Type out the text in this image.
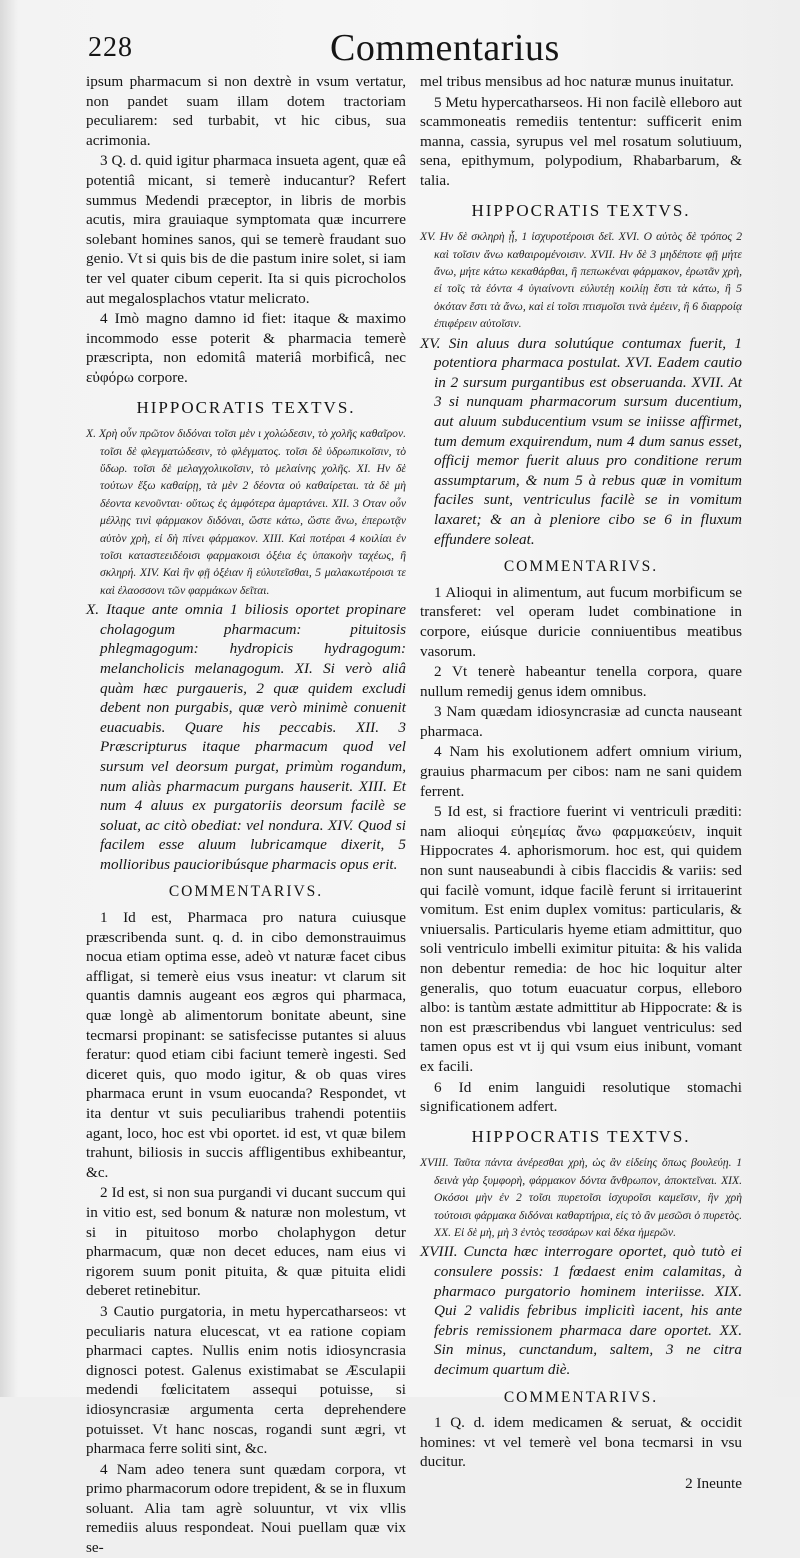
228	Commentarius

ipsum pharmacum si non dextrè in vsum vertatur, non pandet suam illam dotem tractoriam peculiarem: sed turbabit, vt hic cibus, sua acrimonia.

3 Q. d. quid igitur pharmaca insueta agent, quæ eâ potentiâ micant, si temerè inducantur? Refert summus Medendi præceptor, in libris de morbis acutis, mira grauiaque symptomata quæ incurrere solebant homines sanos, qui se temerè fraudant suo genio. Vt si quis bis de die pastum inire solet, si iam ter vel quater cibum ceperit. Ita si quis picrocholos aut megalosplachos vtatur melicrato.

4 Imò magno damno id fiet: itaque & maximo incommodo esse poterit & pharmacia temerè præscripta, non edomitâ materiâ morbificâ, nec εὐφόρω corpore.

HIPPOCRATIS TEXTVS.

X. Χρὴ οὖν πρῶτον διδόναι τοῖσι μὲν ι χολώδεσιν, τὸ χολῆς καθαῖρον. τοῖσι δὲ φλεγματώδεσιν, τὸ φλέγματος. τοῖσι δὲ ὑδρωπικοῖσιν, τὸ ὕδωρ. τοῖσι δὲ μελαγχολικοῖσιν, τὸ μελαίνης χολῆς. XI. Ην δὲ τούτων ἔξω καθαίρῃ, τὰ μὲν 2 δέοντα οὐ καθαίρεται. τὰ δὲ μὴ δέοντα κενοῦνται· οὕτως ἐς ἀμφότερα ἁμαρτάνει. XII. 3 Οταν οὖν μέλλῃς τινὶ φάρμακον διδόναι, ὥστε κάτω, ὥστε ἄνω, ἐπερωτᾷν αὐτὸν χρὴ, εἰ δὴ πίνει φάρμακον. XIII. Καὶ ποτέραι 4 κοιλίαι ἐν τοῖσι καταστεειδέοισι φαρμακοισι ὀξέια ἐς ὑπακοὴν ταχέως, ἢ σκληρή. XIV. Καὶ ἢν φῇ ὀξέιαν ἢ εὐλυτεῖσθαι, 5 μαλακωτέροισι τε καὶ ἐλαοσσονι τῶν φαρμάκων δεῖται.

X. Itaque ante omnia 1 biliosis oportet propinare cholagogum pharmacum: pituitosis phlegmagogum: hydropicis hydragogum: melancholicis melanagogum. XI. Si verò aliâ quàm hæc purgaueris, 2 quæ quidem excludi debent non purgabis, quæ verò minimè conuenit euacuabis. Quare his peccabis. XII. 3 Præscripturus itaque pharmacum quod vel sursum vel deorsum purgat, primùm rogandum, num aliàs pharmacum purgans hauserit. XIII. Et num 4 aluus ex purgatoriis deorsum facilè se soluat, ac citò obediat: vel nondura. XIV. Quod si facilem esse aluum lubricamque dixerit, 5 mollioribus paucioribúsque pharmacis opus erit.

COMMENTARIVS.

1 Id est, Pharmaca pro natura cuiusque præscribenda sunt. q. d. in cibo demonstrauimus nocua etiam optima esse, adeò vt naturæ facet cibus affligat, si temerè eius vsus ineatur: vt clarum sit quantis damnis augeant eos ægros qui pharmaca, quæ longè ab alimentorum bonitate abeunt, sine tecmarsi propinant: se satisfecisse putantes si aluus feratur: quod etiam cibi faciunt temerè ingesti. Sed diceret quis, quo modo igitur, & ob quas vires pharmaca erunt in vsum euocanda? Respondet, vt ita dentur vt suis peculiaribus trahendi potentiis agant, loco, hoc est vbi oportet. id est, vt quæ bilem trahunt, biliosis in succis affligentibus exhibeantur, &c.

2 Id est, si non sua purgandi vi ducant succum qui in vitio est, sed bonum & naturæ non molestum, vt si in pituitoso morbo cholaphygon detur pharmacum, quæ non decet educes, nam eius vi rigorem suum ponit pituita, & quæ pituita elidi deberet retinebitur.

3 Cautio purgatoria, in metu hypercatharseos: vt peculiaris natura elucescat, vt ea ratione copiam pharmaci captes. Nullis enim notis idiosyncrasia dignosci potest. Galenus existimabat se Æsculapii medendi fœlicitatem assequi potuisse, si idiosyncrasiæ argumenta certa deprehendere potuisset. Vt hanc noscas, rogandi sunt ægri, vt pharmaca ferre soliti sint, &c.

4 Nam adeo tenera sunt quædam corpora, vt primo pharmacorum odore trepident, & se in fluxum soluant. Alia tam agrè soluuntur, vt vix vllis remediis aluus respondeat. Noui puellam quæ vix se-

mel tribus mensibus ad hoc naturæ munus inuitatur.

5 Metu hypercatharseos. Hi non facilè elleboro aut scammoneatis remediis tententur: sufficerit enim manna, cassia, syrupus vel mel rosatum solutiuum, sena, epithymum, polypodium, Rhabarbarum, & talia.

HIPPOCRATIS TEXTVS.

XV. Ην δὲ σκληρὴ ᾖ, 1 ἰσχυροτέροισι δεῖ. XVI. Ο αὐτὸς δὲ τρόπος 2 καὶ τοῖσιν ἄνω καθαιρομένοισιν. XVII. Ην δὲ 3 μηδέποτε φῇ μήτε ἄνω, μήτε κάτω κεκαθάρθαι, ἢ πεπωκέναι φάρμακον, ἐρωτᾶν χρὴ, εἰ τοῖς τὰ ἐόντα 4 ὑγιαίνοντι εὐλυτέῃ κοιλίῃ ἔστι τὰ κάτω, ἢ 5 ὁκόταν ἔστι τὰ ἄνω, καὶ εἰ τοῖσι πτισμοῖσι τινὰ ἐμέειν, ἢ 6 διαρροίᾳ ἐπιφέρειν αὐτοῖσιν.

XV. Sin aluus dura solutúque contumax fuerit, 1 potentiora pharmaca postulat. XVI. Eadem cautio in 2 sursum purgantibus est obseruanda. XVII. At 3 si nunquam pharmacorum sursum ducentium, aut aluum subducentium vsum se iniisse affirmet, tum demum exquirendum, num 4 dum sanus esset, officij memor fuerit aluus pro conditione rerum assumptarum, & num 5 à rebus quæ in vomitum faciles sunt, ventriculus facilè se in vomitum laxaret; & an à pleniore cibo se 6 in fluxum effundere soleat.

COMMENTARIVS.

1 Alioqui in alimentum, aut fucum morbificum se transferet: vel operam ludet combinatione in corpore, eiúsque duricie conniuentibus meatibus vasorum.

2 Vt tenerè habeantur tenella corpora, quare nullum remedij genus idem omnibus.

3 Nam quædam idiosyncrasiæ ad cuncta nauseant pharmaca.

4 Nam his exolutionem adfert omnium virium, grauius pharmacum per cibos: nam ne sani quidem ferrent.

5 Id est, si fractiore fuerint vi ventriculi præditi: nam alioqui εὐηεμίας ἄνω φαρμακεύειν, inquit Hippocrates 4. aphorismorum. hoc est, qui quidem non sunt nauseabundi à cibis flaccidis & variis: sed qui facilè vomunt, idque facilè ferunt si irritauerint vomitum. Est enim duplex vomitus: particularis, & vniuersalis. Particularis hyeme etiam admittitur, quo soli ventriculo imbelli eximitur pituita: & his valida non debentur remedia: de hoc hic loquitur alter generalis, quo totum euacuatur corpus, elleboro albo: is tantùm æstate admittitur ab Hippocrate: & is non est præscribendus vbi languet ventriculus: sed tamen opus est vt ij qui vsum eius inibunt, vomant ex facili.

6 Id enim languidi resolutique stomachi significationem adfert.

HIPPOCRATIS TEXTVS.

XVIII. Ταῦτα πάντα ἀνέρεσθαι χρὴ, ὡς ἂν εἰδείης ὅπως βουλεύῃ. 1 δεινὰ γὰρ ξυμφορὴ, φάρμακον δόντα ἄνθρωπον, ἀποκτεῖναι. XIX. Οκόσοι μὴν ἐν 2 τοῖσι πυρετοῖσι ἰσχυροῖσι καμεῖσιν, ἢν χρὴ τούτοισι φάρμακα διδόναι καθαρτήρια, εἰς τὸ ἂν μεσῶσι ὁ πυρετὸς. XX. Εἰ δὲ μὴ, μὴ 3 ἐντὸς τεσσάρων καὶ δέκα ἡμερῶν.

XVIII. Cuncta hæc interrogare oportet, quò tutò ei consulere possis: 1 fœdaest enim calamitas, à pharmaco purgatorio hominem interiisse. XIX. Qui 2 validis febribus implicitì iacent, his ante febris remissionem pharmaca dare oportet. XX. Sin minus, cunctandum, saltem, 3 ne citra decimum quartum diè.

COMMENTARIVS.

1 Q. d. idem medicamen & seruat, & occidit homines: vt vel temerè vel bona tecmarsi in vsu ducitur.

2 Ineunte
